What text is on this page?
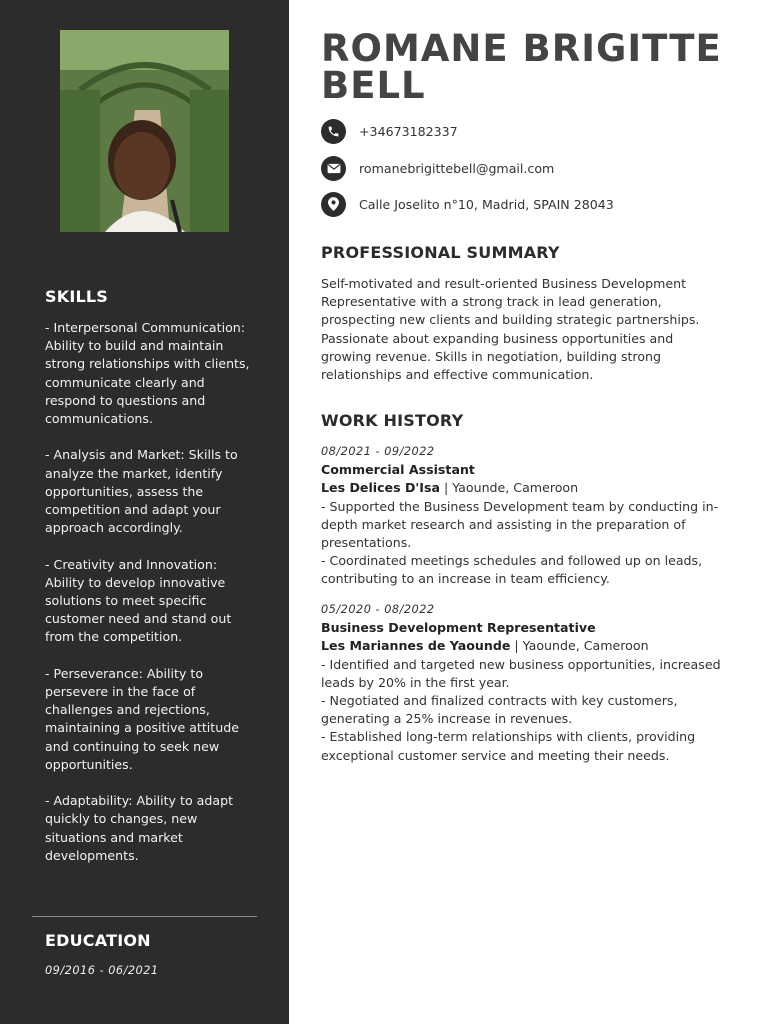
SKILLS
- Interpersonal Communication: Ability to build and maintain strong relationships with clients, communicate clearly and respond to questions and communications.
- Analysis and Market: Skills to analyze the market, identify opportunities, assess the competition and adapt your approach accordingly.
- Creativity and Innovation: Ability to develop innovative solutions to meet specific customer need and stand out from the competition.
- Perseverance: Ability to persevere in the face of challenges and rejections, maintaining a positive attitude and continuing to seek new opportunities.
- Adaptability: Ability to adapt quickly to changes, new situations and market developments.
EDUCATION
09/2016 - 06/2021
ROMANE BRIGITTE BELL
+34673182337
romanebrigittebell@gmail.com
Calle Joselito n°10, Madrid, SPAIN 28043
PROFESSIONAL SUMMARY
Self-motivated and result-oriented Business Development Representative with a strong track in lead generation, prospecting new clients and building strategic partnerships. Passionate about expanding business opportunities and growing revenue. Skills in negotiation, building strong relationships and effective communication.
WORK HISTORY
08/2021 - 09/2022
Commercial Assistant
Les Delices D'Isa | Yaounde, Cameroon
- Supported the Business Development team by conducting in-depth market research and assisting in the preparation of presentations.
- Coordinated meetings schedules and followed up on leads, contributing to an increase in team efficiency.
05/2020 - 08/2022
Business Development Representative
Les Mariannes de Yaounde | Yaounde, Cameroon
- Identified and targeted new business opportunities, increased leads by 20% in the first year.
- Negotiated and finalized contracts with key customers, generating a 25% increase in revenues.
- Established long-term relationships with clients, providing exceptional customer service and meeting their needs.
